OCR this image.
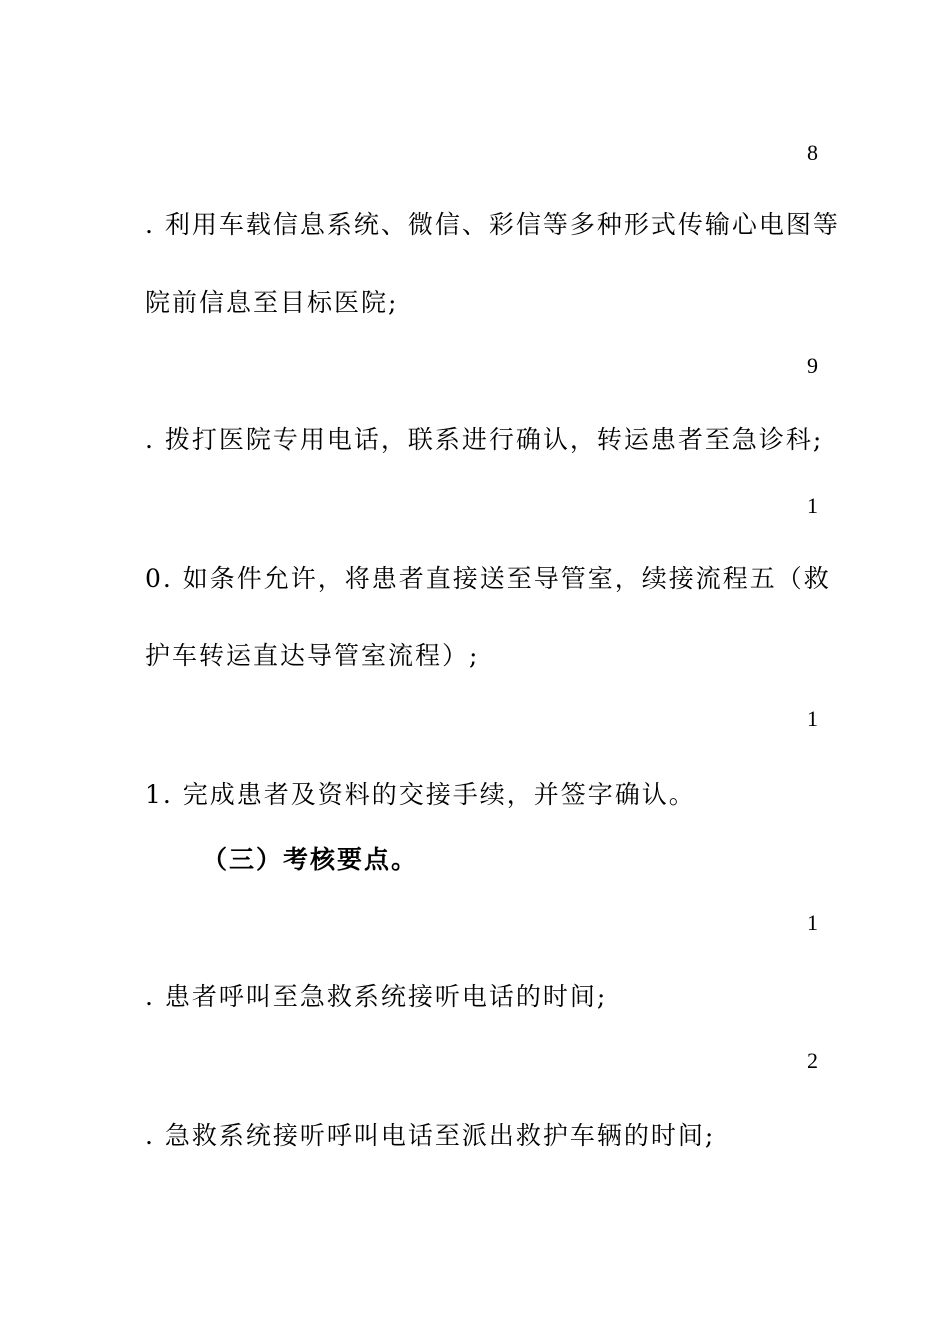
8
. 利用车载信息系统、微信、彩信等多种形式传输心电图等
院前信息至目标医院;
9
. 拨打医院专用电话，联系进行确认，转运患者至急诊科;
1
0. 如条件允许，将患者直接送至导管室，续接流程五（救
护车转运直达导管室流程）;
1
1. 完成患者及资料的交接手续，并签字确认。
（三）考核要点。
1
. 患者呼叫至急救系统接听电话的时间;
2
. 急救系统接听呼叫电话至派出救护车辆的时间;
